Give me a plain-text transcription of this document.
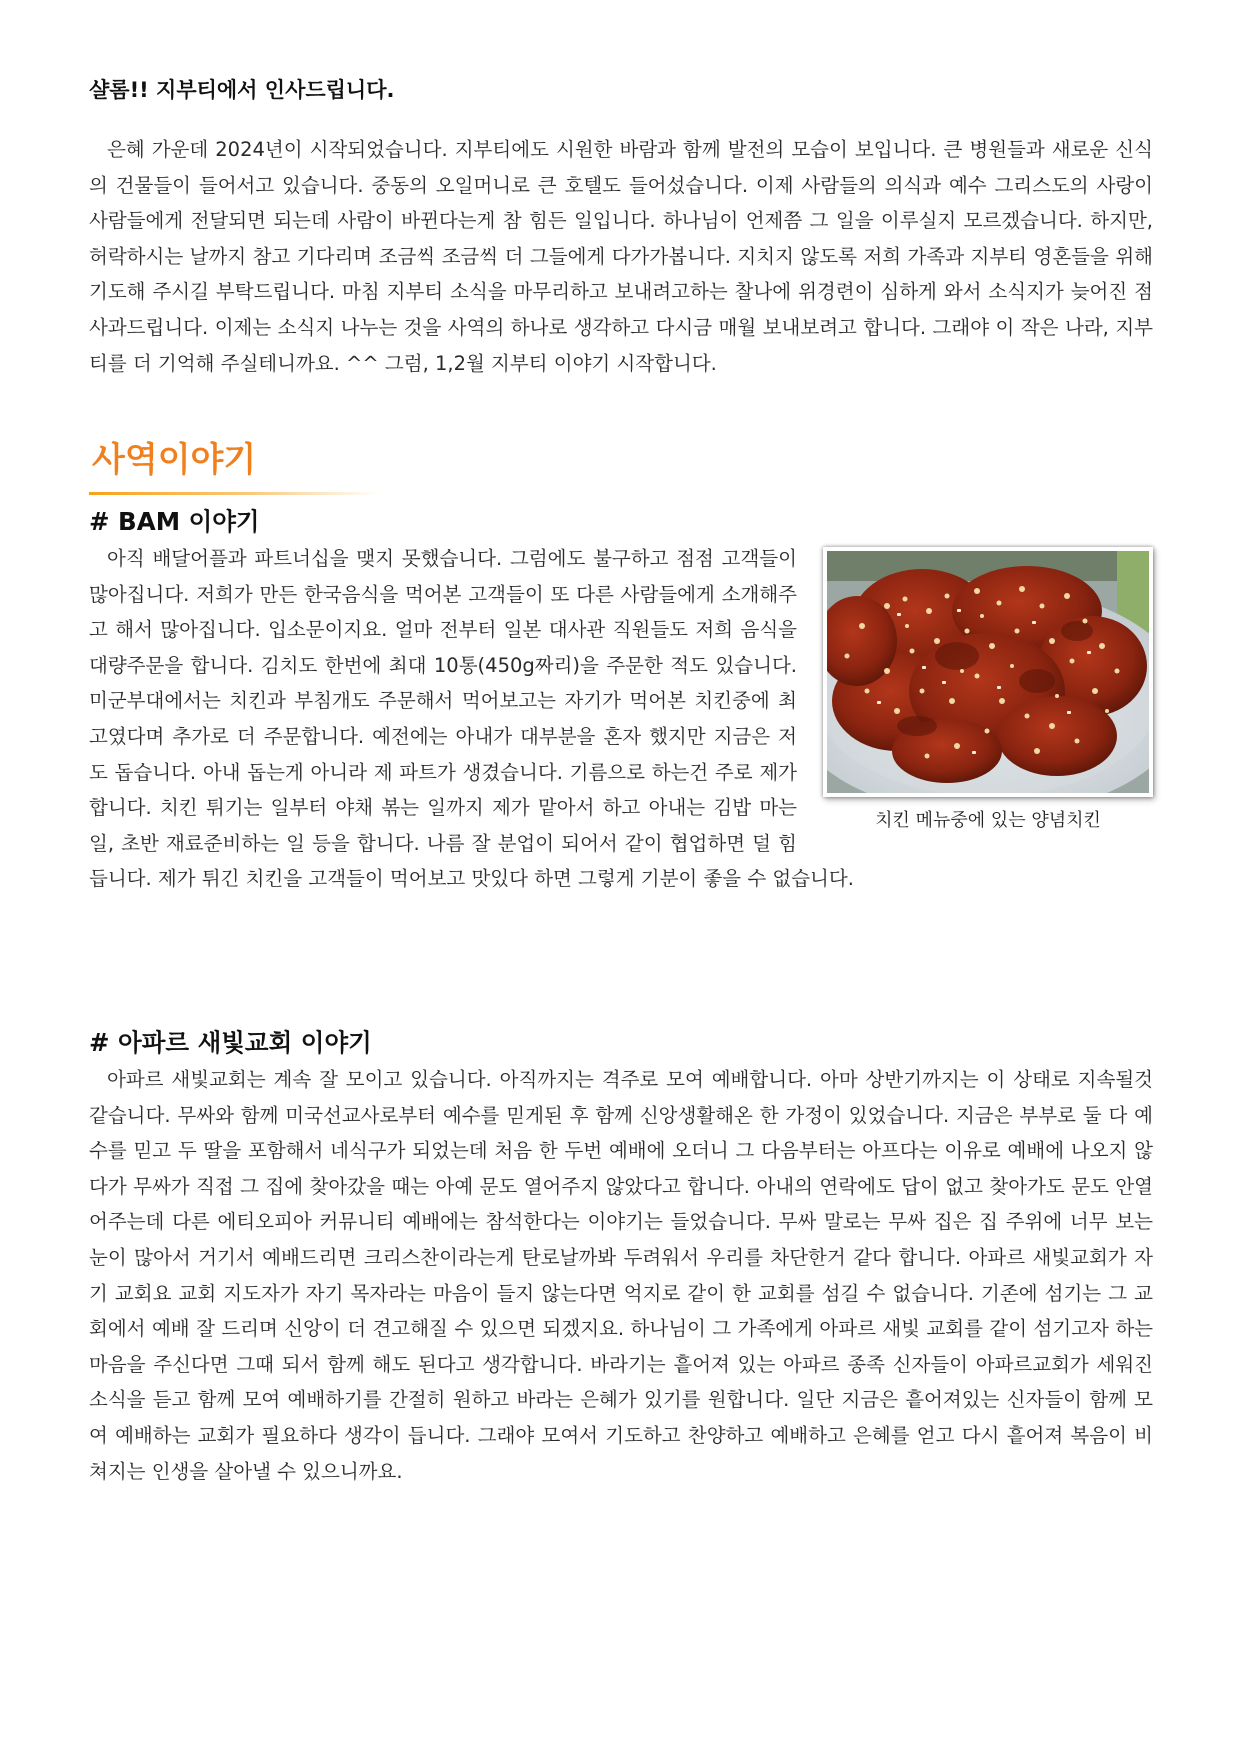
샬롬!! 지부티에서 인사드립니다.

은혜 가운데 2024년이 시작되었습니다. 지부티에도 시원한 바람과 함께 발전의 모습이 보입니다. 큰 병원들과 새로운 신식의 건물들이 들어서고 있습니다. 중동의 오일머니로 큰 호텔도 들어섰습니다. 이제 사람들의 의식과 예수 그리스도의 사랑이 사람들에게 전달되면 되는데 사람이 바뀐다는게 참 힘든 일입니다. 하나님이 언제쯤 그 일을 이루실지 모르겠습니다. 하지만, 허락하시는 날까지 참고 기다리며 조금씩 조금씩 더 그들에게 다가가봅니다. 지치지 않도록 저희 가족과 지부티 영혼들을 위해 기도해 주시길 부탁드립니다. 마침 지부티 소식을 마무리하고 보내려고하는 찰나에 위경련이 심하게 와서 소식지가 늦어진 점 사과드립니다. 이제는 소식지 나누는 것을 사역의 하나로 생각하고 다시금 매월 보내보려고 합니다. 그래야 이 작은 나라, 지부티를 더 기억해 주실테니까요. ^^ 그럼, 1,2월 지부티 이야기 시작합니다.

사역이야기
# BAM 이야기
치킨 메뉴중에 있는 양념치킨
아직 배달어플과 파트너십을 맺지 못했습니다. 그럼에도 불구하고 점점 고객들이 많아집니다. 저희가 만든 한국음식을 먹어본 고객들이 또 다른 사람들에게 소개해주고 해서 많아집니다. 입소문이지요. 얼마 전부터 일본 대사관 직원들도 저희 음식을 대량주문을 합니다. 김치도 한번에 최대 10통(450g짜리)을 주문한 적도 있습니다. 미군부대에서는 치킨과 부침개도 주문해서 먹어보고는 자기가 먹어본 치킨중에 최고였다며 추가로 더 주문합니다. 예전에는 아내가 대부분을 혼자 했지만 지금은 저도 돕습니다. 아내 돕는게 아니라 제 파트가 생겼습니다. 기름으로 하는건 주로 제가 합니다. 치킨 튀기는 일부터 야채 볶는 일까지 제가 맡아서 하고 아내는 김밥 마는 일, 초반 재료준비하는 일 등을 합니다. 나름 잘 분업이 되어서 같이 협업하면 덜 힘듭니다. 제가 튀긴 치킨을 고객들이 먹어보고 맛있다 하면 그렇게 기분이 좋을 수 없습니다.
# 아파르 새빛교회 이야기

아파르 새빛교회는 계속 잘 모이고 있습니다. 아직까지는 격주로 모여 예배합니다. 아마 상반기까지는 이 상태로 지속될것 같습니다. 무싸와 함께 미국선교사로부터 예수를 믿게된 후 함께 신앙생활해온 한 가정이 있었습니다. 지금은 부부로 둘 다 예수를 믿고 두 딸을 포함해서 네식구가 되었는데 처음 한 두번 예배에 오더니 그 다음부터는 아프다는 이유로 예배에 나오지 않다가 무싸가 직접 그 집에 찾아갔을 때는 아예 문도 열어주지 않았다고 합니다. 아내의 연락에도 답이 없고 찾아가도 문도 안열어주는데 다른 에티오피아 커뮤니티 예배에는 참석한다는 이야기는 들었습니다. 무싸 말로는 무싸 집은 집 주위에 너무 보는 눈이 많아서 거기서 예배드리면 크리스찬이라는게 탄로날까봐 두려워서 우리를 차단한거 같다 합니다. 아파르 새빛교회가 자기 교회요 교회 지도자가 자기 목자라는 마음이 들지 않는다면 억지로 같이 한 교회를 섬길 수 없습니다. 기존에 섬기는 그 교회에서 예배 잘 드리며 신앙이 더 견고해질 수 있으면 되겠지요. 하나님이 그 가족에게 아파르 새빛 교회를 같이 섬기고자 하는 마음을 주신다면 그때 되서 함께 해도 된다고 생각합니다. 바라기는 흩어져 있는 아파르 종족 신자들이 아파르교회가 세워진 소식을 듣고 함께 모여 예배하기를 간절히 원하고 바라는 은혜가 있기를 원합니다. 일단 지금은 흩어져있는 신자들이 함께 모여 예배하는 교회가 필요하다 생각이 듭니다. 그래야 모여서 기도하고 찬양하고 예배하고 은혜를 얻고 다시 흩어져 복음이 비쳐지는 인생을 살아낼 수 있으니까요.
